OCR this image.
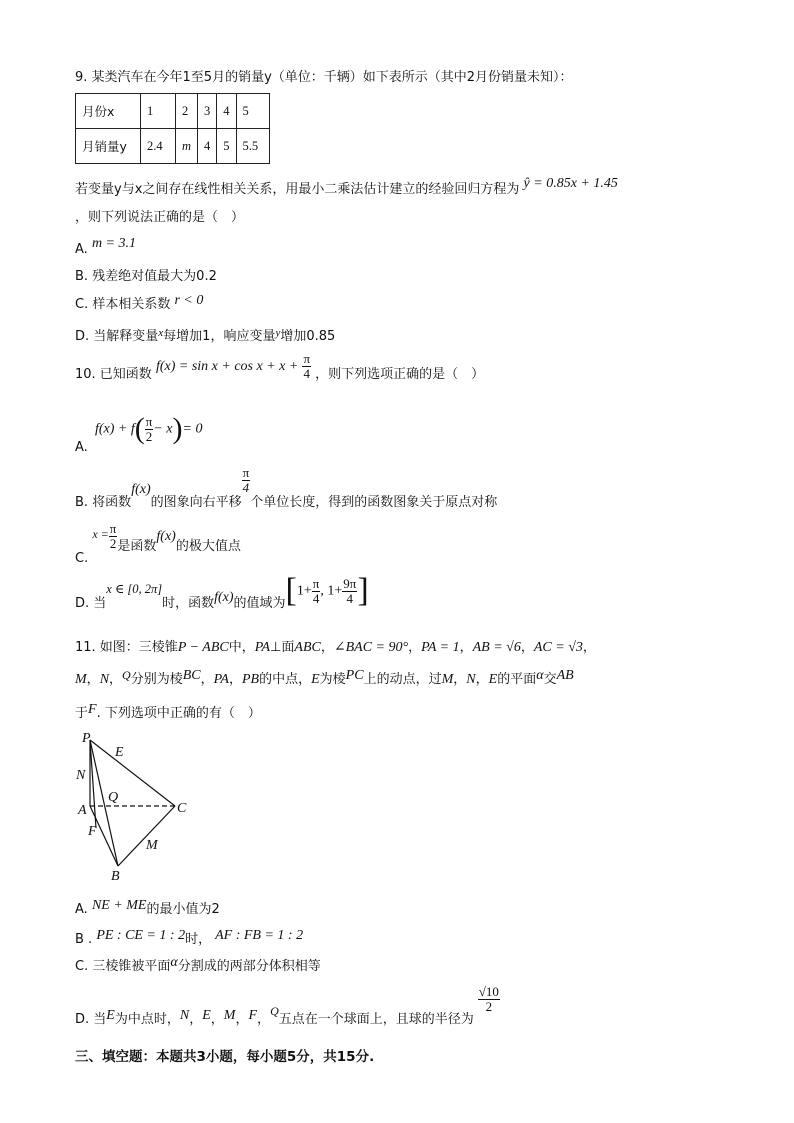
9. 某类汽车在今年1至5月的销量y（单位：千辆）如下表所示（其中2月份销量未知）：
月份x	1	2	3	4	5
月销量y	2.4	m	4	5	5.5
若变量y与x之间存在线性相关关系，用最小二乘法估计建立的经验回归方程为 ŷ = 0.85x + 1.45
，则下列说法正确的是（　）
A. m = 3.1
B. 残差绝对值最大为0.2
C. 样本相关系数 r < 0
D. 当解释变量$^x$每增加1，响应变量$^y$增加0.85
10. 已知函数 $f(x) = \sin x + \cos x + x + \frac{\pi}{4}$ ，则下列选项正确的是（　）
A.
$f(x) + f( \frac{\pi}{2} - x)= 0$
B. 将函数f(x)的图象向右平移
$\frac{\pi}{4}$
个单位长度，得到的函数图象关于原点对称
C. $x = \frac{\pi}{2}$ 是函数f(x)的极大值点
D. 当x ∈ [0, 2π]时，函数f(x)的值域为[$1+ \frac{\pi}{4}$ , $1+ \frac{9\pi}{4}$ ]
11. 如图：三棱锥P − ABC中，PA⊥面ABC，∠BAC = 90°，PA = 1，AB = √6，AC = √3，
M，N，Q分别为棱BC，PA，PB的中点，E为棱PC上的动点，过M，N，E的平面α交AB
于F. 下列选项中正确的有（　）
P
E
N
Q
A	C
F
M
B
A. NE + ME的最小值为2
B . PE : CE = 1 : 2时， AF : FB = 1 : 2
C. 三棱锥被平面α分割成的两部分体积相等
D. 当E为中点时，N，E，M，F，Q五点在一个球面上，且球的半径为
$\frac{√10}{2}$
三、填空题：本题共3小题，每小题5分，共15分.
